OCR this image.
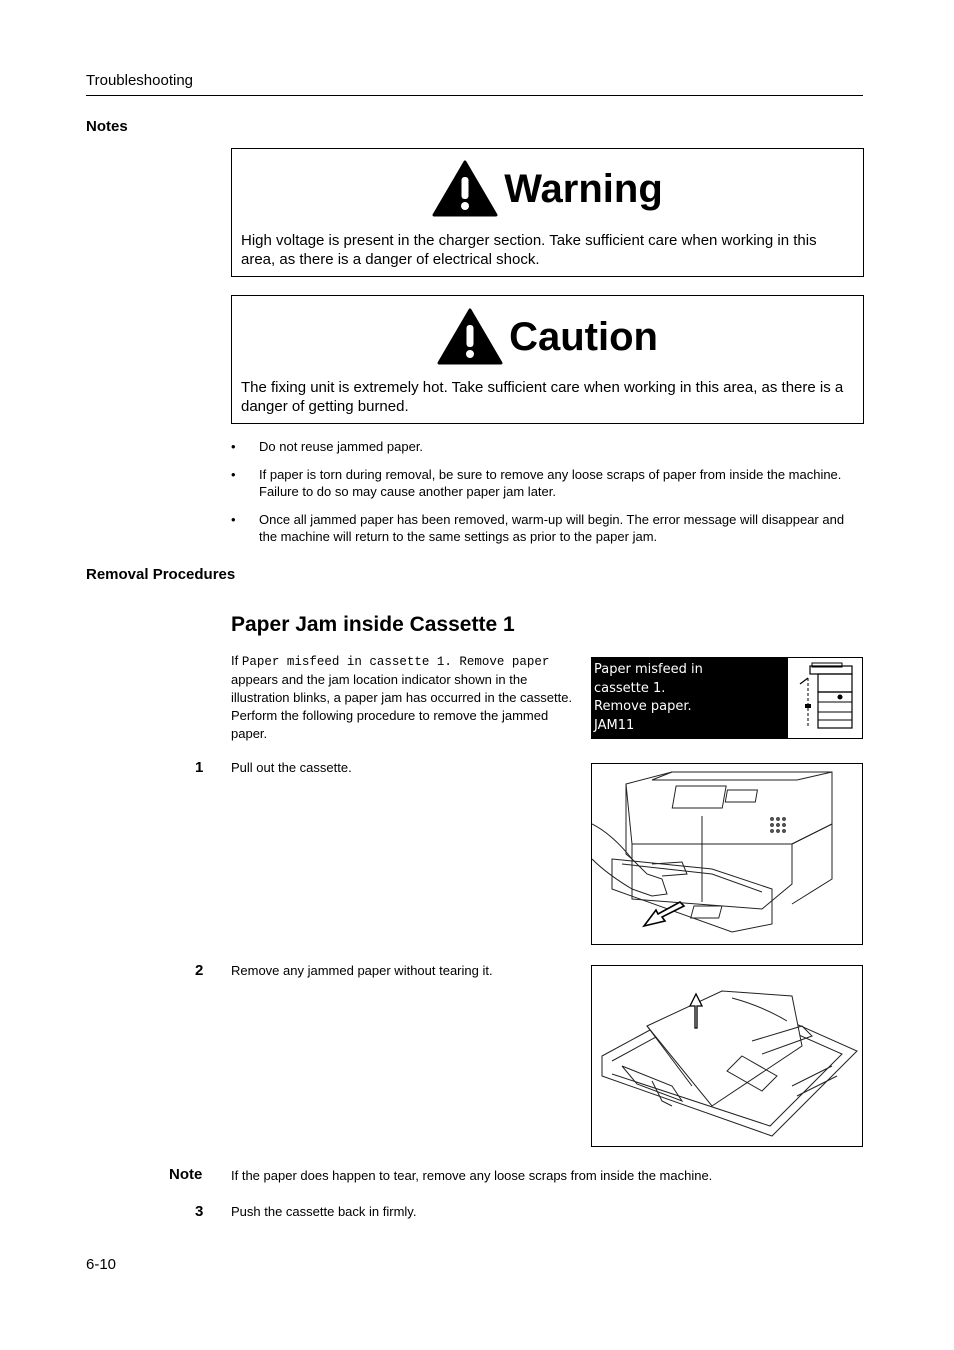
Troubleshooting
Notes
Warning
High voltage is present in the charger section. Take sufficient care when working in this area, as there is a danger of electrical shock.
Caution
The fixing unit is extremely hot. Take sufficient care when working in this area, as there is a danger of getting burned.
• Do not reuse jammed paper.
• If paper is torn during removal, be sure to remove any loose scraps of paper from inside the machine. Failure to do so may cause another paper jam later.
• Once all jammed paper has been removed, warm-up will begin. The error message will disappear and the machine will return to the same settings as prior to the paper jam.
Removal Procedures
Paper Jam inside Cassette 1
If Paper misfeed in cassette 1. Remove paper appears and the jam location indicator shown in the illustration blinks, a paper jam has occurred in the cassette. Perform the following procedure to remove the jammed paper.
Paper misfeed in
cassette 1.
Remove paper.
JAM11
1 Pull out the cassette.
2 Remove any jammed paper without tearing it.
Note If the paper does happen to tear, remove any loose scraps from inside the machine.
3 Push the cassette back in firmly.
6-10
